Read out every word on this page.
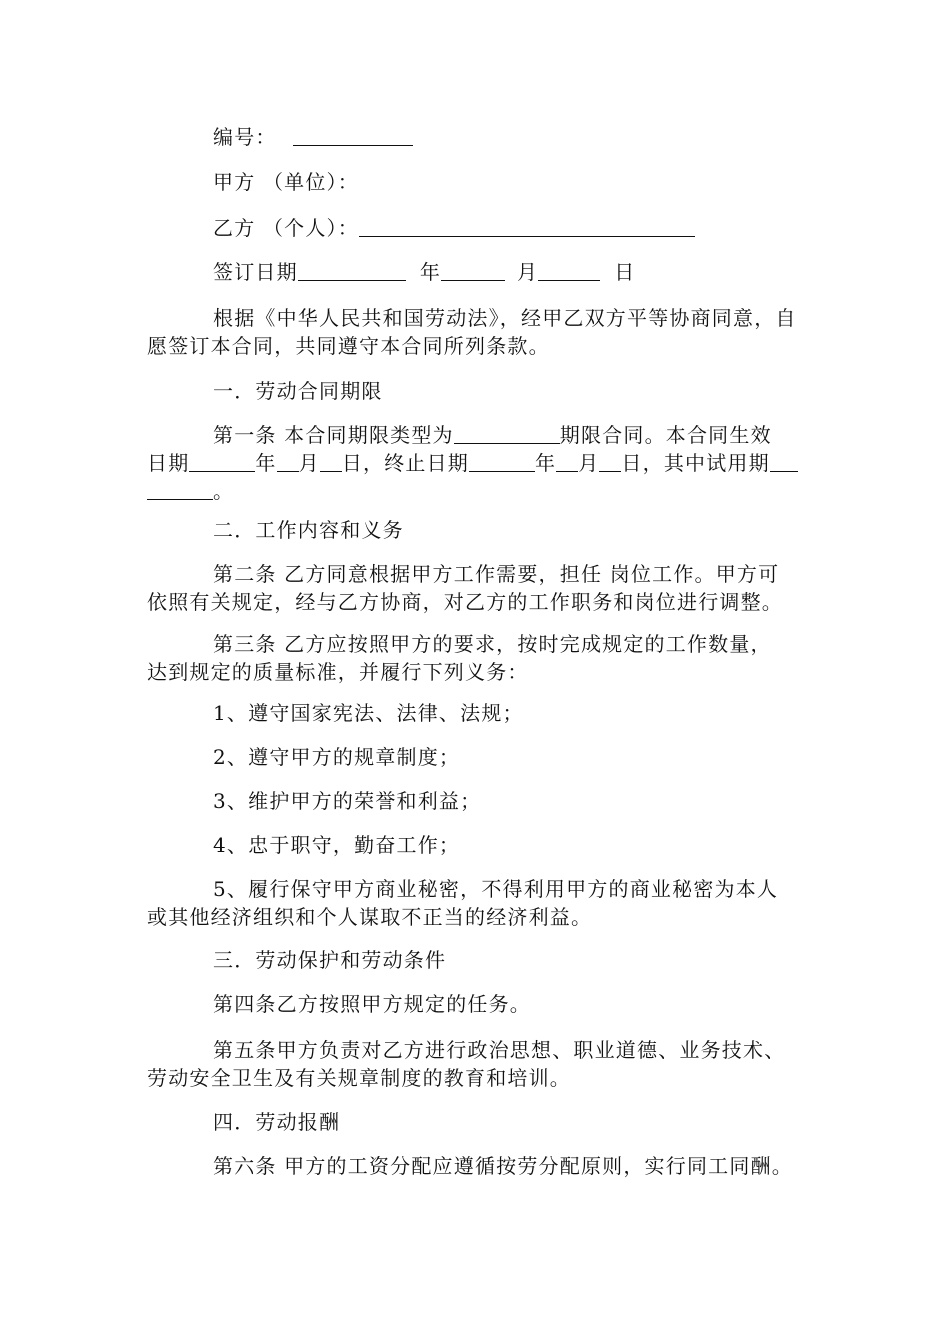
编号：
甲方 （单位）：
乙方 （个人）：
签订日期	年	月	日
根据《中华人民共和国劳动法》，经甲乙双方平等协商同意，自
愿签订本合同，共同遵守本合同所列条款。
一．劳动合同期限
第一条 本合同期限类型为	期限合同。本合同生效
日期	年 月 日，终止日期	年 月 日，其中试用期
。
二．工作内容和义务
第二条 乙方同意根据甲方工作需要，担任 岗位工作。甲方可
依照有关规定，经与乙方协商，对乙方的工作职务和岗位进行调整。
第三条 乙方应按照甲方的要求，按时完成规定的工作数量，
达到规定的质量标准，并履行下列义务：
1、遵守国家宪法、法律、法规；
2、遵守甲方的规章制度；
3、维护甲方的荣誉和利益；
4、忠于职守，勤奋工作；
5、履行保守甲方商业秘密，不得利用甲方的商业秘密为本人
或其他经济组织和个人谋取不正当的经济利益。
三．劳动保护和劳动条件
第四条乙方按照甲方规定的任务。
第五条甲方负责对乙方进行政治思想、职业道德、业务技术、
劳动安全卫生及有关规章制度的教育和培训。
四．劳动报酬
第六条 甲方的工资分配应遵循按劳分配原则，实行同工同酬。
